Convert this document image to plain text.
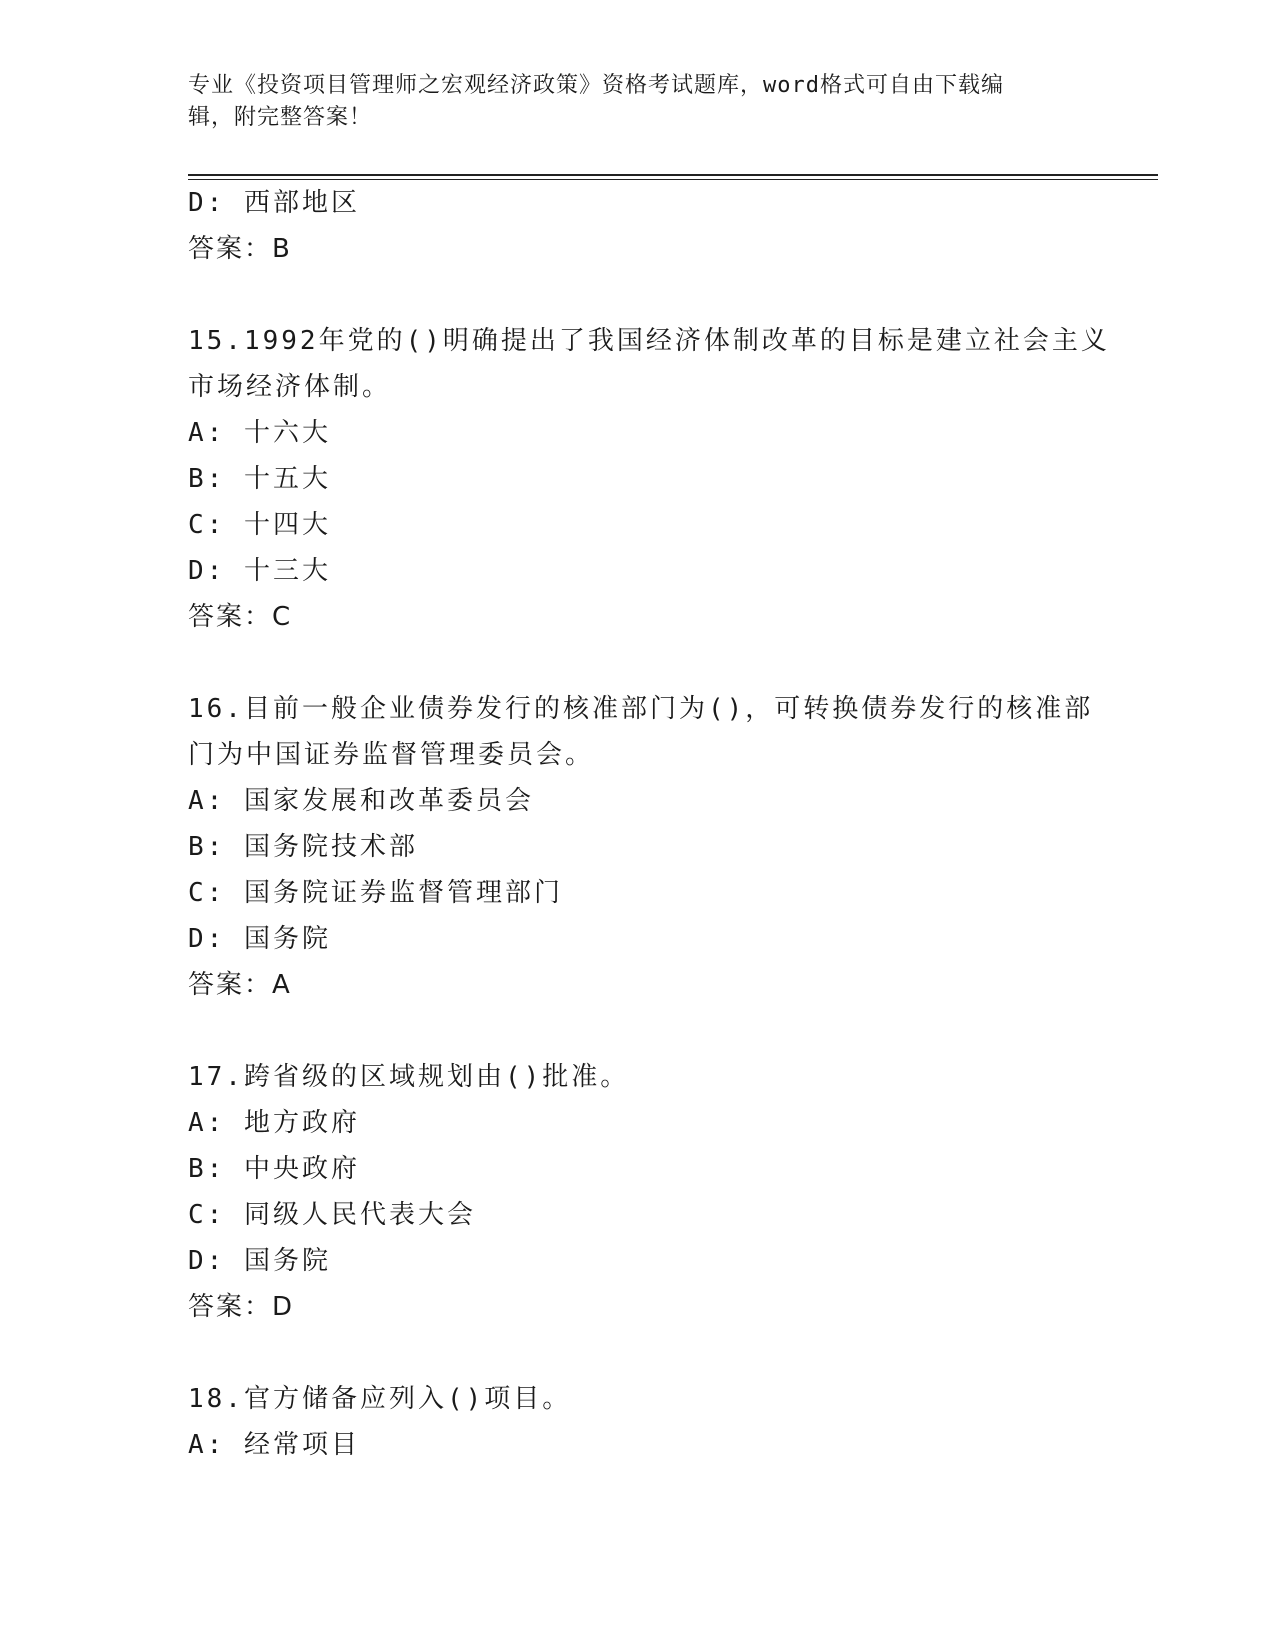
专业《投资项目管理师之宏观经济政策》资格考试题库，word格式可自由下载编
辑，附完整答案！
D: 西部地区
答案：B
15.1992年党的()明确提出了我国经济体制改革的目标是建立社会主义
市场经济体制。
A: 十六大
B: 十五大
C: 十四大
D: 十三大
答案：C
16.目前一般企业债券发行的核准部门为()，可转换债券发行的核准部
门为中国证券监督管理委员会。
A: 国家发展和改革委员会
B: 国务院技术部
C: 国务院证券监督管理部门
D: 国务院
答案：A
17.跨省级的区域规划由()批准。
A: 地方政府
B: 中央政府
C: 同级人民代表大会
D: 国务院
答案：D
18.官方储备应列入()项目。
A: 经常项目
